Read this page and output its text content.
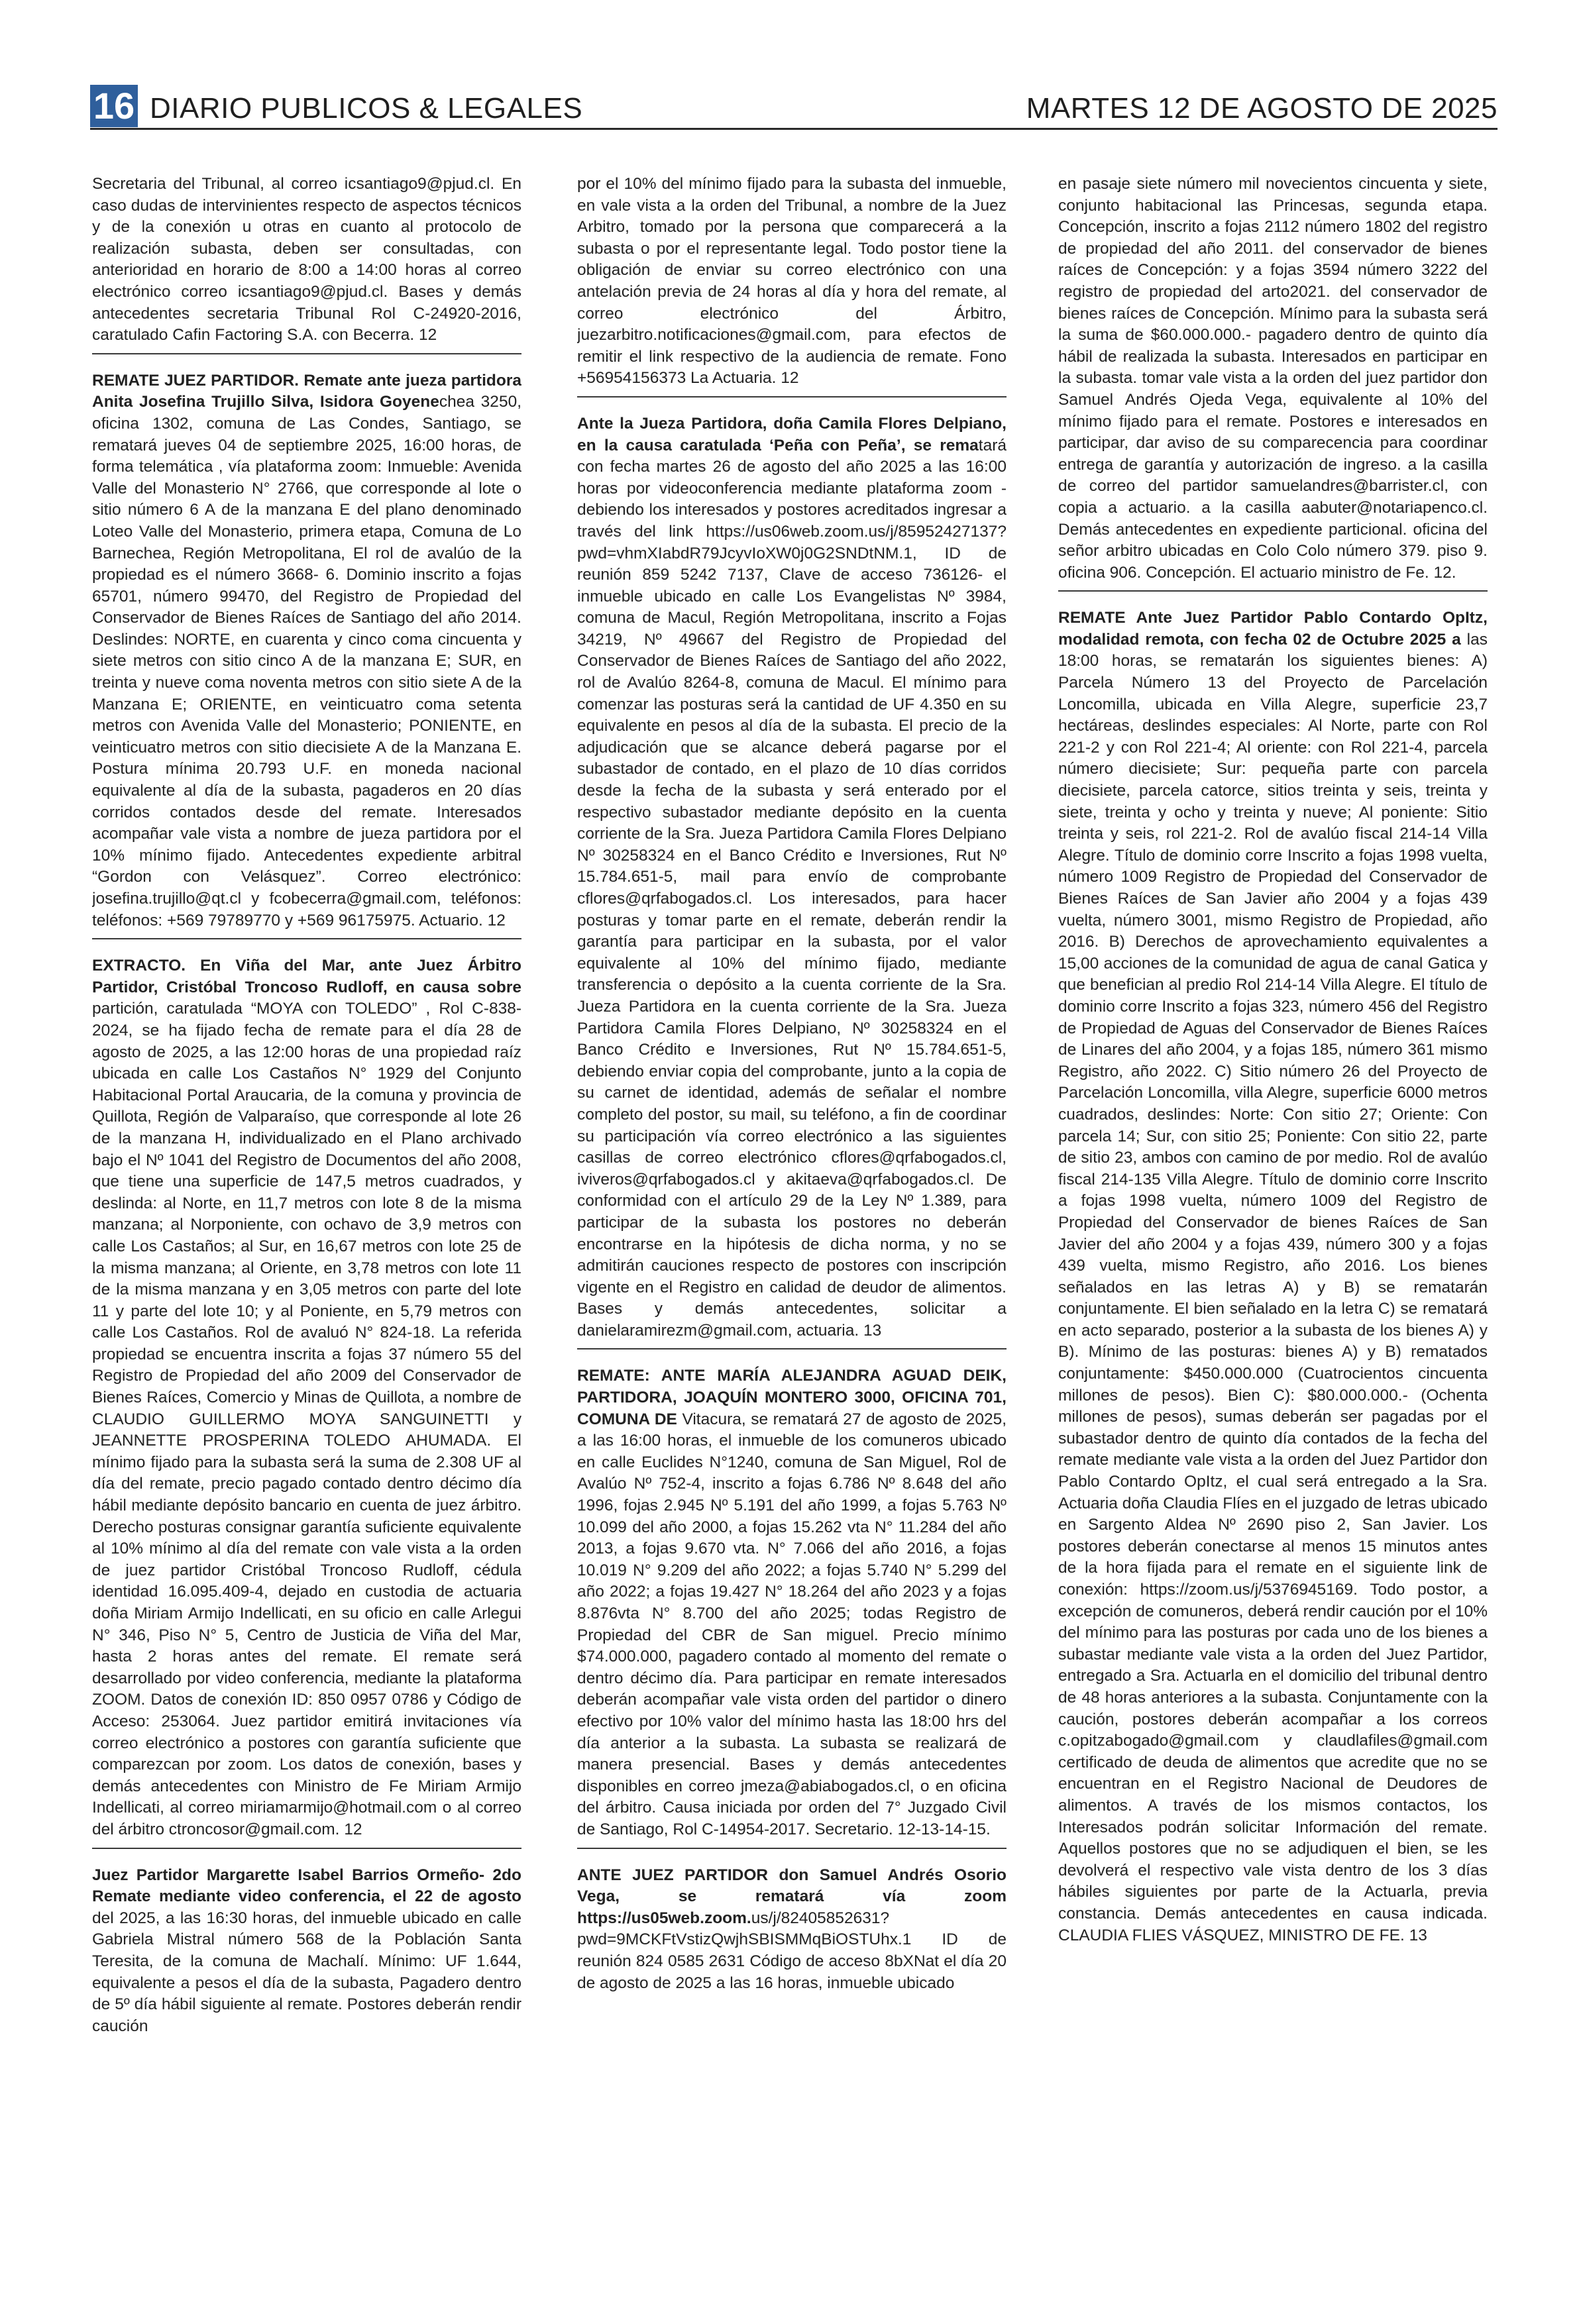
16 DIARIO PUBLICOS & LEGALES	MARTES 12 DE AGOSTO DE 2025

Secretaria del Tribunal, al correo icsantiago9@pjud.cl. En caso dudas de intervinientes respecto de aspectos técnicos y de la conexión u otras en cuanto al protocolo de realización subasta, deben ser consultadas, con anterioridad en horario de 8:00 a 14:00 horas al correo electrónico correo icsantiago9@pjud.cl. Bases y demás antecedentes secretaria Tribunal Rol C-24920-2016, caratulado Cafin Factoring S.A. con Becerra. 12

REMATE JUEZ PARTIDOR. Remate ante jueza partidora Anita Josefina Trujillo Silva, Isidora Goyenechea 3250, oficina 1302, comuna de Las Condes, Santiago, se rematará jueves 04 de septiembre 2025, 16:00 horas, de forma telemática , vía plataforma zoom: Inmueble: Avenida Valle del Monasterio N° 2766, que corresponde al lote o sitio número 6 A de la manzana E del plano denominado Loteo Valle del Monasterio, primera etapa, Comuna de Lo Barnechea, Región Metropolitana, El rol de avalúo de la propiedad es el número 3668- 6. Dominio inscrito a fojas 65701, número 99470, del Registro de Propiedad del Conservador de Bienes Raíces de Santiago del año 2014. Deslindes: NORTE, en cuarenta y cinco coma cincuenta y siete metros con sitio cinco A de la manzana E; SUR, en treinta y nueve coma noventa metros con sitio siete A de la Manzana E; ORIENTE, en veinticuatro coma setenta metros con Avenida Valle del Monasterio; PONIENTE, en veinticuatro metros con sitio diecisiete A de la Manzana E. Postura mínima 20.793 U.F. en moneda nacional equivalente al día de la subasta, pagaderos en 20 días corridos contados desde del remate. Interesados acompañar vale vista a nombre de jueza partidora por el 10% mínimo fijado. Antecedentes expediente arbitral “Gordon con Velásquez”. Correo electrónico: josefina.trujillo@qt.cl y fcobecerra@gmail.com, teléfonos: teléfonos: +569 79789770 y +569 96175975. Actuario. 12

EXTRACTO. En Viña del Mar, ante Juez Árbitro Partidor, Cristóbal Troncoso Rudloff, en causa sobre partición, caratulada “MOYA con TOLEDO” , Rol C-838-2024, se ha fijado fecha de remate para el día 28 de agosto de 2025, a las 12:00 horas de una propiedad raíz ubicada en calle Los Castaños N° 1929 del Conjunto Habitacional Portal Araucaria, de la comuna y provincia de Quillota, Región de Valparaíso, que corresponde al lote 26 de la manzana H, individualizado en el Plano archivado bajo el Nº 1041 del Registro de Documentos del año 2008, que tiene una superficie de 147,5 metros cuadrados, y deslinda: al Norte, en 11,7 metros con lote 8 de la misma manzana; al Norponiente, con ochavo de 3,9 metros con calle Los Castaños; al Sur, en 16,67 metros con lote 25 de la misma manzana; al Oriente, en 3,78 metros con lote 11 de la misma manzana y en 3,05 metros con parte del lote 11 y parte del lote 10; y al Poniente, en 5,79 metros con calle Los Castaños. Rol de avaluó N° 824-18. La referida propiedad se encuentra inscrita a fojas 37 número 55 del Registro de Propiedad del año 2009 del Conservador de Bienes Raíces, Comercio y Minas de Quillota, a nombre de CLAUDIO GUILLERMO MOYA SANGUINETTI y JEANNETTE PROSPERINA TOLEDO AHUMADA. El mínimo fijado para la subasta será la suma de 2.308 UF al día del remate, precio pagado contado dentro décimo día hábil mediante depósito bancario en cuenta de juez árbitro. Derecho posturas consignar garantía suficiente equivalente al 10% mínimo al día del remate con vale vista a la orden de juez partidor Cristóbal Troncoso Rudloff, cédula identidad 16.095.409-4, dejado en custodia de actuaria doña Miriam Armijo Indellicati, en su oficio en calle Arlegui N° 346, Piso N° 5, Centro de Justicia de Viña del Mar, hasta 2 horas antes del remate. El remate será desarrollado por video conferencia, mediante la plataforma ZOOM. Datos de conexión ID: 850 0957 0786 y Código de Acceso: 253064. Juez partidor emitirá invitaciones vía correo electrónico a postores con garantía suficiente que comparezcan por zoom. Los datos de conexión, bases y demás antecedentes con Ministro de Fe Miriam Armijo Indellicati, al correo miriamarmijo@hotmail.com o al correo del árbitro ctroncosor@gmail.com. 12

Juez Partidor Margarette Isabel Barrios Ormeño- 2do Remate mediante video conferencia, el 22 de agosto del 2025, a las 16:30 horas, del inmueble ubicado en calle Gabriela Mistral número 568 de la Población Santa Teresita, de la comuna de Machalí. Mínimo: UF 1.644, equivalente a pesos el día de la subasta, Pagadero dentro de 5º día hábil siguiente al remate. Postores deberán rendir caución

por el 10% del mínimo fijado para la subasta del inmueble, en vale vista a la orden del Tribunal, a nombre de la Juez Arbitro, tomado por la persona que comparecerá a la subasta o por el representante legal. Todo postor tiene la obligación de enviar su correo electrónico con una antelación previa de 24 horas al día y hora del remate, al correo electrónico del Árbitro, juezarbitro.notificaciones@gmail.com, para efectos de remitir el link respectivo de la audiencia de remate. Fono +56954156373 La Actuaria. 12

Ante la Jueza Partidora, doña Camila Flores Delpiano, en la causa caratulada ‘Peña con Peña’, se rematará con fecha martes 26 de agosto del año 2025 a las 16:00 horas por videoconferencia mediante plataforma zoom -debiendo los interesados y postores acreditados ingresar a través del link https://us06web.zoom.us/j/85952427137?pwd=vhmXIabdR79JcyvIoXW0j0G2SNDtNM.1, ID de reunión 859 5242 7137, Clave de acceso 736126- el inmueble ubicado en calle Los Evangelistas Nº 3984, comuna de Macul, Región Metropolitana, inscrito a Fojas 34219, Nº 49667 del Registro de Propiedad del Conservador de Bienes Raíces de Santiago del año 2022, rol de Avalúo 8264-8, comuna de Macul. El mínimo para comenzar las posturas será la cantidad de UF 4.350 en su equivalente en pesos al día de la subasta. El precio de la adjudicación que se alcance deberá pagarse por el subastador de contado, en el plazo de 10 días corridos desde la fecha de la subasta y será enterado por el respectivo subastador mediante depósito en la cuenta corriente de la Sra. Jueza Partidora Camila Flores Delpiano Nº 30258324 en el Banco Crédito e Inversiones, Rut Nº 15.784.651-5, mail para envío de comprobante cflores@qrfabogados.cl. Los interesados, para hacer posturas y tomar parte en el remate, deberán rendir la garantía para participar en la subasta, por el valor equivalente al 10% del mínimo fijado, mediante transferencia o depósito a la cuenta corriente de la Sra. Jueza Partidora en la cuenta corriente de la Sra. Jueza Partidora Camila Flores Delpiano, Nº 30258324 en el Banco Crédito e Inversiones, Rut Nº 15.784.651-5, debiendo enviar copia del comprobante, junto a la copia de su carnet de identidad, además de señalar el nombre completo del postor, su mail, su teléfono, a fin de coordinar su participación vía correo electrónico a las siguientes casillas de correo electrónico cflores@qrfabogados.cl, iviveros@qrfabogados.cl y akitaeva@qrfabogados.cl. De conformidad con el artículo 29 de la Ley Nº 1.389, para participar de la subasta los postores no deberán encontrarse en la hipótesis de dicha norma, y no se admitirán cauciones respecto de postores con inscripción vigente en el Registro en calidad de deudor de alimentos. Bases y demás antecedentes, solicitar a danielaramirezm@gmail.com, actuaria. 13

REMATE: ANTE MARÍA ALEJANDRA AGUAD DEIK, PARTIDORA, JOAQUÍN MONTERO 3000, OFICINA 701, COMUNA DE Vitacura, se rematará 27 de agosto de 2025, a las 16:00 horas, el inmueble de los comuneros ubicado en calle Euclides N°1240, comuna de San Miguel, Rol de Avalúo Nº 752-4, inscrito a fojas 6.786 Nº 8.648 del año 1996, fojas 2.945 Nº 5.191 del año 1999, a fojas 5.763 Nº 10.099 del año 2000, a fojas 15.262 vta N° 11.284 del año 2013, a fojas 9.670 vta. N° 7.066 del año 2016, a fojas 10.019 N° 9.209 del año 2022; a fojas 5.740 N° 5.299 del año 2022; a fojas 19.427 N° 18.264 del año 2023 y a fojas 8.876vta N° 8.700 del año 2025; todas Registro de Propiedad del CBR de San miguel. Precio mínimo $74.000.000, pagadero contado al momento del remate o dentro décimo día. Para participar en remate interesados deberán acompañar vale vista orden del partidor o dinero efectivo por 10% valor del mínimo hasta las 18:00 hrs del día anterior a la subasta. La subasta se realizará de manera presencial. Bases y demás antecedentes disponibles en correo jmeza@abiabogados.cl, o en oficina del árbitro. Causa iniciada por orden del 7° Juzgado Civil de Santiago, Rol C-14954-2017. Secretario. 12-13-14-15.

ANTE JUEZ PARTIDOR don Samuel Andrés Osorio Vega, se rematará vía zoom https://us05web.zoom.us/j/82405852631?pwd=9MCKFtVstizQwjhSBISMMqBiOSTUhx.1 ID de reunión 824 0585 2631 Código de acceso 8bXNat el día 20 de agosto de 2025 a las 16 horas, inmueble ubicado

en pasaje siete número mil novecientos cincuenta y siete, conjunto habitacional las Princesas, segunda etapa. Concepción, inscrito a fojas 2112 número 1802 del registro de propiedad del año 2011. del conservador de bienes raíces de Concepción: y a fojas 3594 número 3222 del registro de propiedad del arto2021. del conservador de bienes raíces de Concepción. Mínimo para la subasta será la suma de $60.000.000.- pagadero dentro de quinto día hábil de realizada la subasta. Interesados en participar en la subasta. tomar vale vista a la orden del juez partidor don Samuel Andrés Ojeda Vega, equivalente al 10% del mínimo fijado para el remate. Postores e interesados en participar, dar aviso de su comparecencia para coordinar entrega de garantía y autorización de ingreso. a la casilla de correo del partidor samuelandres@barrister.cl, con copia a actuario. a la casilla aabuter@notariapenco.cl. Demás antecedentes en expediente particional. oficina del señor arbitro ubicadas en Colo Colo número 379. piso 9. oficina 906. Concepción. El actuario ministro de Fe. 12.

REMATE Ante Juez Partidor Pablo Contardo OpItz, modalidad remota, con fecha 02 de Octubre 2025 a las 18:00 horas, se rematarán los siguientes bienes: A) Parcela Número 13 del Proyecto de Parcelación Loncomilla, ubicada en Villa Alegre, superficie 23,7 hectáreas, deslindes especiales: Al Norte, parte con Rol 221-2 y con Rol 221-4; Al oriente: con Rol 221-4, parcela número diecisiete; Sur: pequeña parte con parcela diecisiete, parcela catorce, sitios treinta y seis, treinta y siete, treinta y ocho y treinta y nueve; Al poniente: Sitio treinta y seis, rol 221-2. Rol de avalúo fiscal 214-14 Villa Alegre. Título de dominio corre Inscrito a fojas 1998 vuelta, número 1009 Registro de Propiedad del Conservador de Bienes Raíces de San Javier año 2004 y a fojas 439 vuelta, número 3001, mismo Registro de Propiedad, año 2016. B) Derechos de aprovechamiento equivalentes a 15,00 acciones de la comunidad de agua de canal Gatica y que benefician al predio Rol 214-14 Villa Alegre. El título de dominio corre Inscrito a fojas 323, número 456 del Registro de Propiedad de Aguas del Conservador de Bienes Raíces de Linares del año 2004, y a fojas 185, número 361 mismo Registro, año 2022. C) Sitio número 26 del Proyecto de Parcelación Loncomilla, villa Alegre, superficie 6000 metros cuadrados, deslindes: Norte: Con sitio 27; Oriente: Con parcela 14; Sur, con sitio 25; Poniente: Con sitio 22, parte de sitio 23, ambos con camino de por medio. Rol de avalúo fiscal 214-135 Villa Alegre. Título de dominio corre Inscrito a fojas 1998 vuelta, número 1009 del Registro de Propiedad del Conservador de bienes Raíces de San Javier del año 2004 y a fojas 439, número 300 y a fojas 439 vuelta, mismo Registro, año 2016. Los bienes señalados en las letras A) y B) se rematarán conjuntamente. El bien señalado en la letra C) se rematará en acto separado, posterior a la subasta de los bienes A) y B). Mínimo de las posturas: bienes A) y B) rematados conjuntamente: $450.000.000 (Cuatrocientos cincuenta millones de pesos). Bien C): $80.000.000.- (Ochenta millones de pesos), sumas deberán ser pagadas por el subastador dentro de quinto día contados de la fecha del remate mediante vale vista a la orden del Juez Partidor don Pablo Contardo OpItz, el cual será entregado a la Sra. Actuaria doña Claudia Flíes en el juzgado de letras ubicado en Sargento Aldea Nº 2690 piso 2, San Javier. Los postores deberán conectarse al menos 15 minutos antes de la hora fijada para el remate en el siguiente link de conexión: https://zoom.us/j/5376945169. Todo postor, a excepción de comuneros, deberá rendir caución por el 10% del mínimo para las posturas por cada uno de los bienes a subastar mediante vale vista a la orden del Juez Partidor, entregado a Sra. Actuarla en el domicilio del tribunal dentro de 48 horas anteriores a la subasta. Conjuntamente con la caución, postores deberán acompañar a los correos c.opitzabogado@gmail.com y claudlafiles@gmail.com certificado de deuda de alimentos que acredite que no se encuentran en el Registro Nacional de Deudores de alimentos. A través de los mismos contactos, los Interesados podrán solicitar Información del remate. Aquellos postores que no se adjudiquen el bien, se les devolverá el respectivo vale vista dentro de los 3 días hábiles siguientes por parte de la Actuarla, previa constancia. Demás antecedentes en causa indicada. CLAUDIA FLIES VÁSQUEZ, MINISTRO DE FE. 13
